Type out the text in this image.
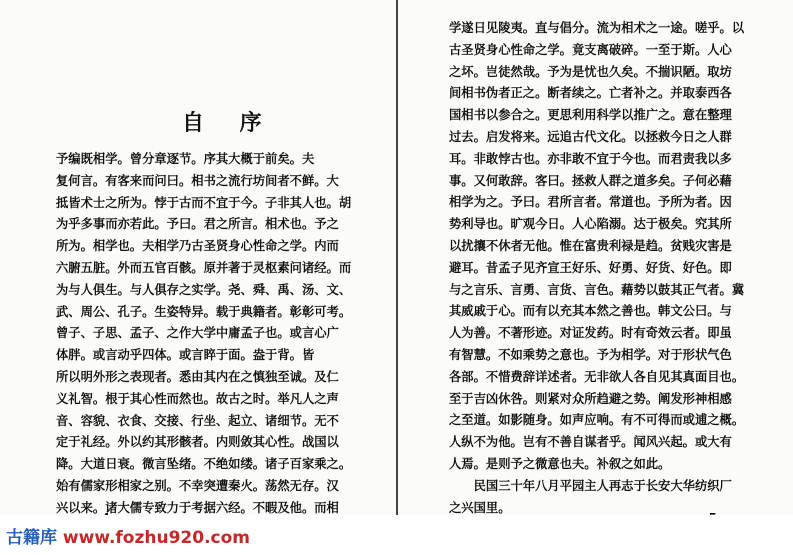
自 序
予编既相学。曾分章逐节。序其大概于前矣。夫
复何言。有客来而问曰。相书之流行坊间者不鲜。大
抵皆术士之所为。悖于古而不宜于今。子非其人也。胡
为乎多事而亦若此。予曰。君之所言。相术也。予之
所为。相学也。夫相学乃古圣贤身心性命之学。内而
六腑五脏。外而五官百骸。原并著于灵枢素问诸经。而
为与人俱生。与人俱存之实学。尧、舜、禹、汤、文、
武、周公、孔子。生姿特异。载于典籍者。彰彰可考。
曾子、子思、孟子、之作大学中庸孟子也。或言心广
体胖。或言动乎四体。或言睟于面。盎于背。皆
所以明外形之表现者。悉由其内在之慎独至诚。及仁
义礼智。根于其心性而然也。故古之时。举凡人之声
音、容貌、衣食、交接、行坐、起立、诸细节。无不
定于礼经。外以约其形骸者。内则敛其心性。战国以
降。大道日衰。微言坠绪。不绝如缕。诸子百家乘之。
始有儒家形相家之别。不幸突遭秦火。荡然无存。汉
兴以来。诸大儒专致力于考据六经。不暇及他。而相
学遂日见陵夷。直与倡分。流为相术之一途。嗟乎。以
古圣贤身心性命之学。竟支离破碎。一至于斯。人心
之坏。岂徒然哉。予为是忧也久矣。不揣识陋。取坊
间相书伪者正之。断者续之。亡者补之。并取泰西各
国相书以参合之。更思利用科学以推广之。意在整理
过去。启发将来。远追古代文化。以拯救今日之人群
耳。非敢悖古也。亦非敢不宜于今也。而君责我以多
事。又何敢辞。客曰。拯救人群之道多矣。子何必藉
相学为之。予曰。君所言者。常道也。予所为者。因
势利导也。旷观今日。人心陷溺。达于极矣。究其所
以扰攘不休者无他。惟在富贵利禄是趋。贫贱灾害是
避耳。昔孟子见齐宣王好乐、好勇、好货、好色。即
与之言乐、言勇、言货、言色。藉势以鼓其正气者。冀
其威戚于心。而有以充其本然之善也。韩文公曰。与
人为善。不著形迹。对证发药。时有奇效云者。即虽
有智慧。不如乘势之意也。予为相学。对于形状气色
各部。不惜费辞详述者。无非欲人各自见其真面目也。
至于吉凶休咎。则紧对众所趋避之势。阐发形神相感
之至道。如影随身。如声应响。有不可得而或逋之概。
人纵不为他。岂有不善自谋者乎。闻风兴起。或大有
人焉。是则予之微意也夫。补叙之如此。
　　民国三十年八月平园主人再志于长安大华纺织厂
之兴国里。
古籍库 www.fozhu920.com
